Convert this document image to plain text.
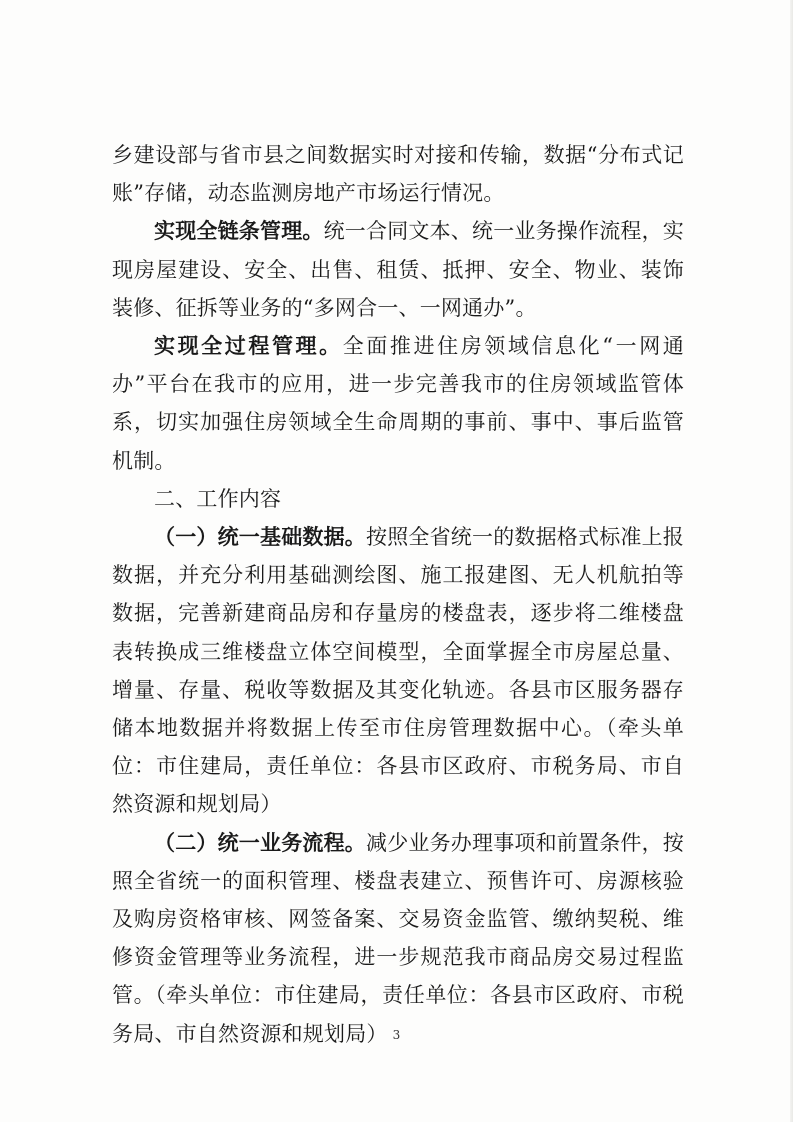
乡建设部与省市县之间数据实时对接和传输，数据“分布式记账”存储，动态监测房地产市场运行情况。

实现全链条管理。统一合同文本、统一业务操作流程，实现房屋建设、安全、出售、租赁、抵押、安全、物业、装饰装修、征拆等业务的“多网合一、一网通办”。

实现全过程管理。全面推进住房领域信息化“一网通办”平台在我市的应用，进一步完善我市的住房领域监管体系，切实加强住房领域全生命周期的事前、事中、事后监管机制。

二、工作内容

（一）统一基础数据。按照全省统一的数据格式标准上报数据，并充分利用基础测绘图、施工报建图、无人机航拍等数据，完善新建商品房和存量房的楼盘表，逐步将二维楼盘表转换成三维楼盘立体空间模型，全面掌握全市房屋总量、增量、存量、税收等数据及其变化轨迹。各县市区服务器存储本地数据并将数据上传至市住房管理数据中心。（牵头单位：市住建局，责任单位：各县市区政府、市税务局、市自然资源和规划局）

（二）统一业务流程。减少业务办理事项和前置条件，按照全省统一的面积管理、楼盘表建立、预售许可、房源核验及购房资格审核、网签备案、交易资金监管、缴纳契税、维修资金管理等业务流程，进一步规范我市商品房交易过程监管。（牵头单位：市住建局，责任单位：各县市区政府、市税务局、市自然资源和规划局） 3
